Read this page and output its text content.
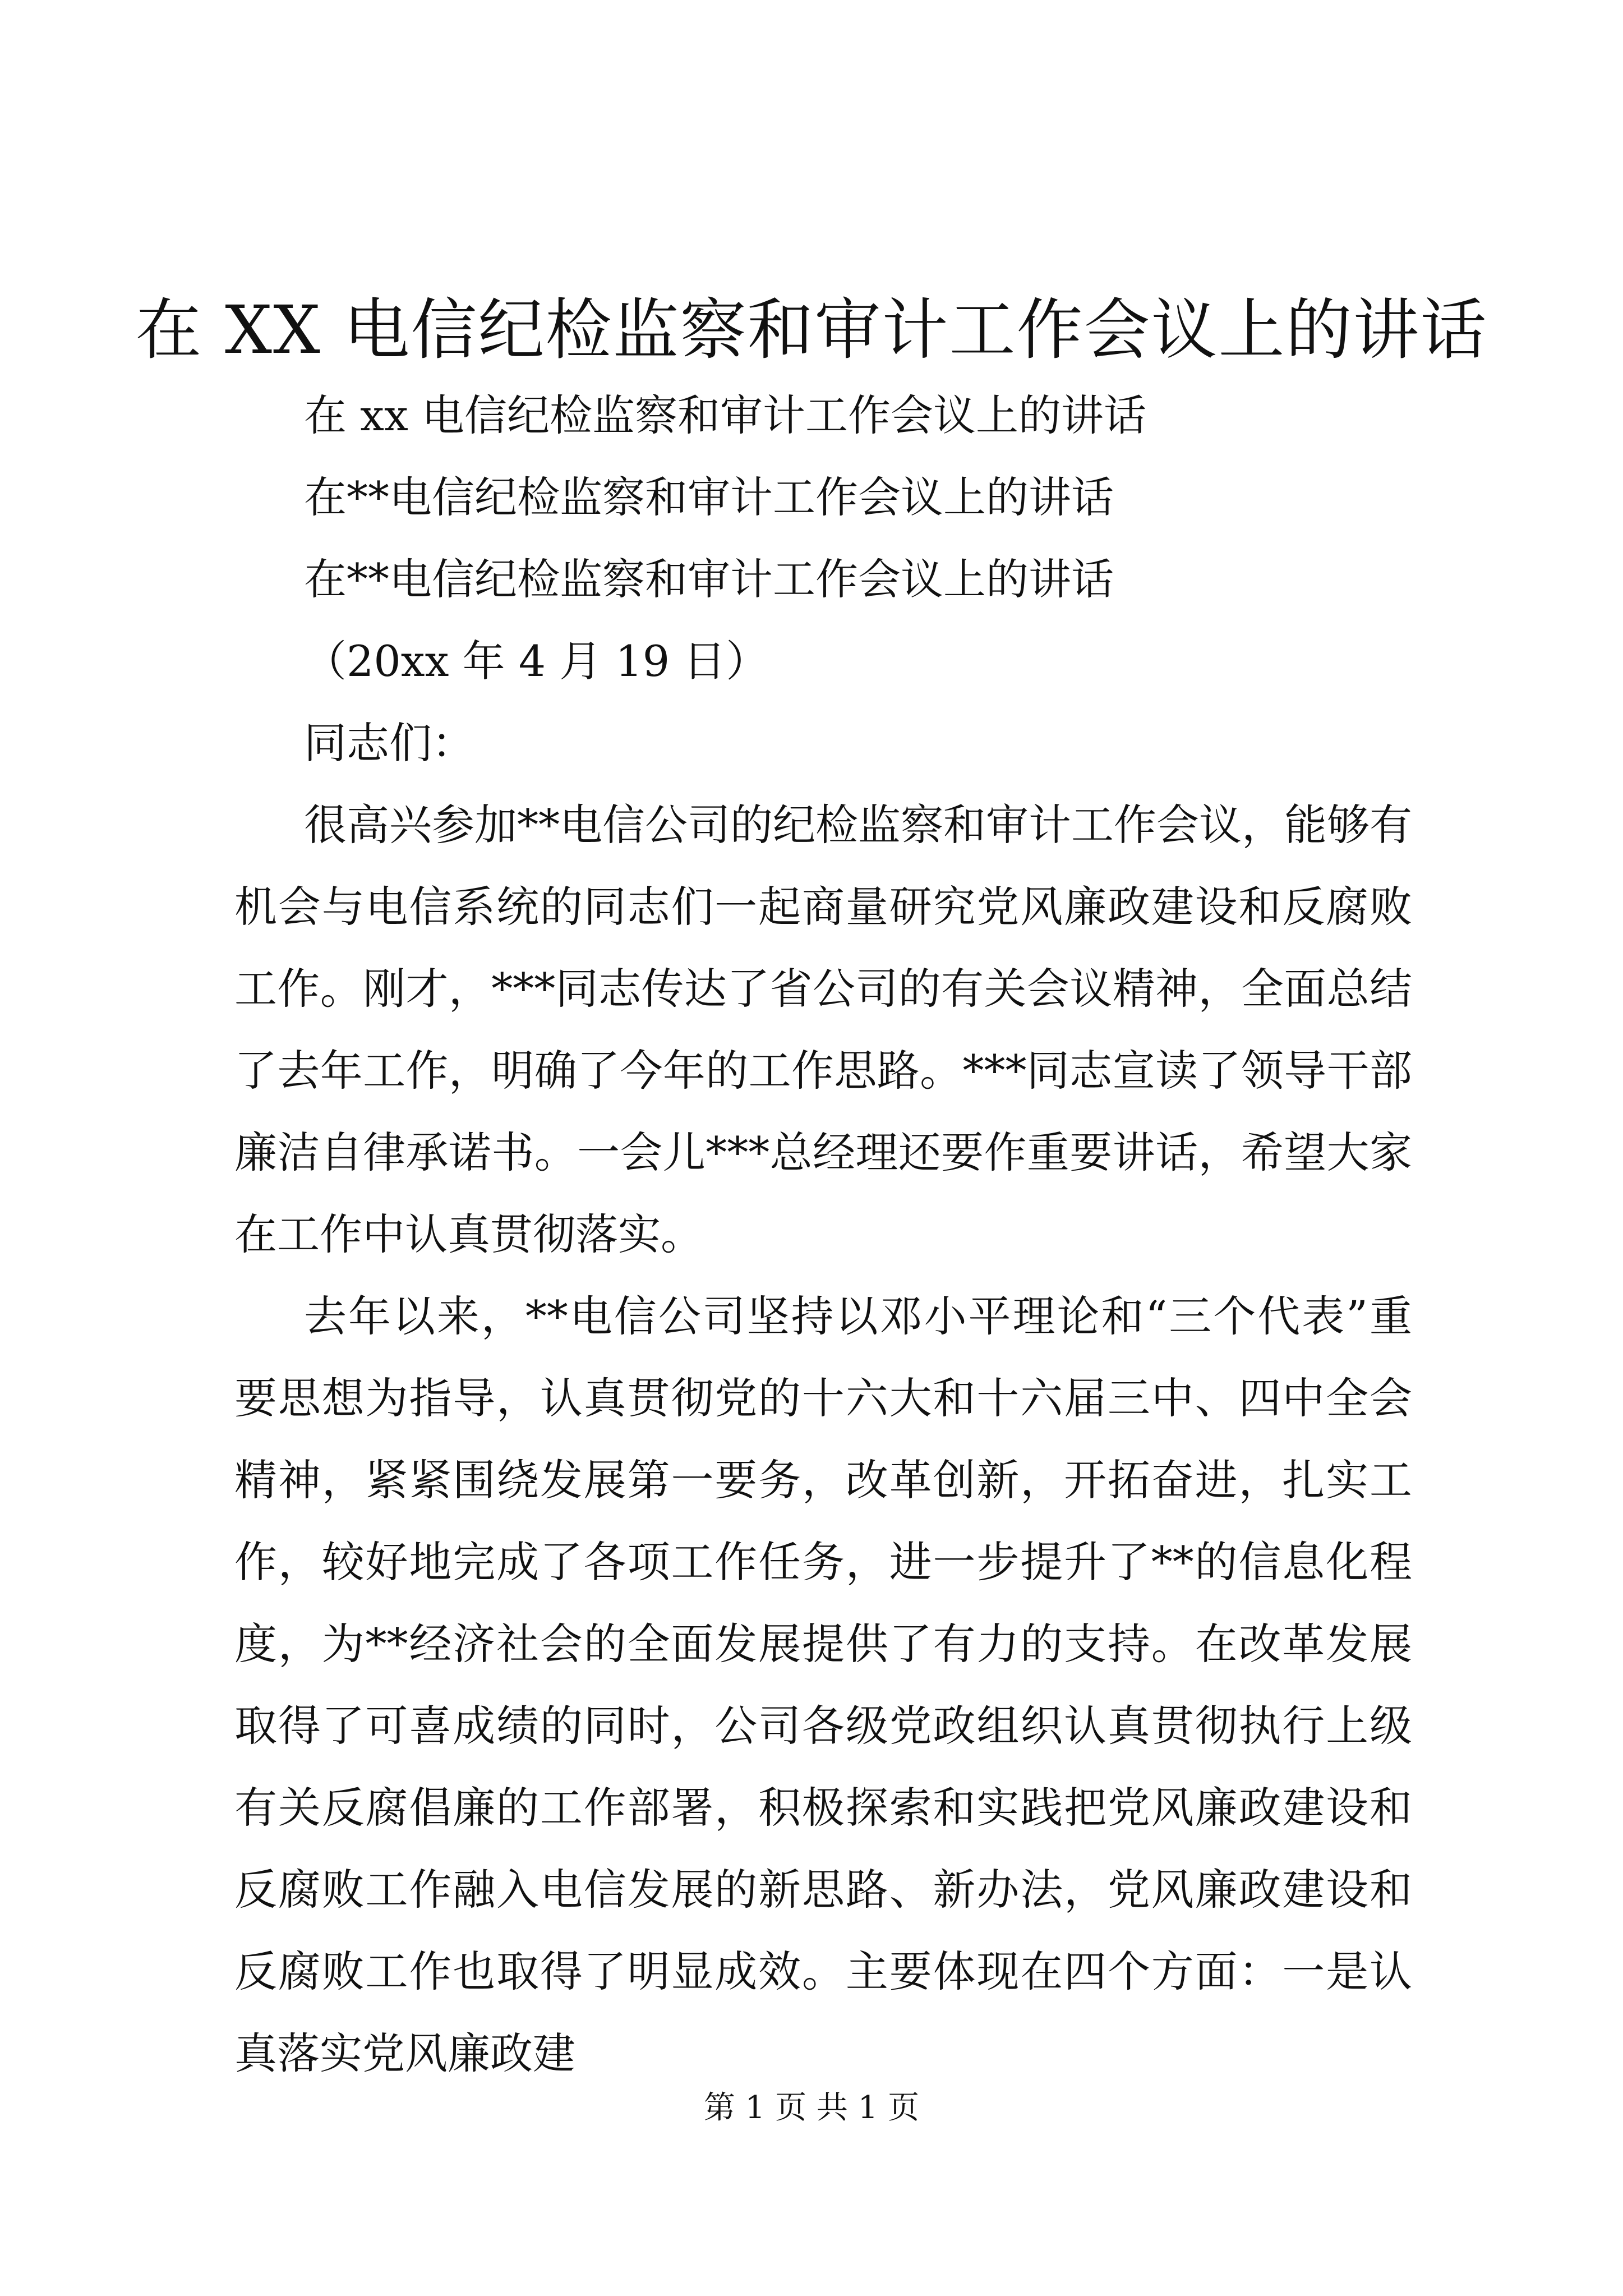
在 XX 电信纪检监察和审计工作会议上的讲话
在 xx 电信纪检监察和审计工作会议上的讲话
在**电信纪检监察和审计工作会议上的讲话
在**电信纪检监察和审计工作会议上的讲话
（20xx 年 4 月 19 日）
同志们：

很高兴参加**电信公司的纪检监察和审计工作会议，能够有机会与电信系统的同志们一起商量研究党风廉政建设和反腐败工作。刚才，***同志传达了省公司的有关会议精神，全面总结了去年工作，明确了今年的工作思路。***同志宣读了领导干部廉洁自律承诺书。一会儿***总经理还要作重要讲话，希望大家在工作中认真贯彻落实。

去年以来，**电信公司坚持以邓小平理论和“三个代表”重要思想为指导，认真贯彻党的十六大和十六届三中、四中全会精神，紧紧围绕发展第一要务，改革创新，开拓奋进，扎实工作，较好地完成了各项工作任务，进一步提升了**的信息化程度，为**经济社会的全面发展提供了有力的支持。在改革发展取得了可喜成绩的同时，公司各级党政组织认真贯彻执行上级有关反腐倡廉的工作部署，积极探索和实践把党风廉政建设和反腐败工作融入电信发展的新思路、新办法，党风廉政建设和反腐败工作也取得了明显成效。主要体现在四个方面：一是认真落实党风廉政建

第 1 页 共 1 页
